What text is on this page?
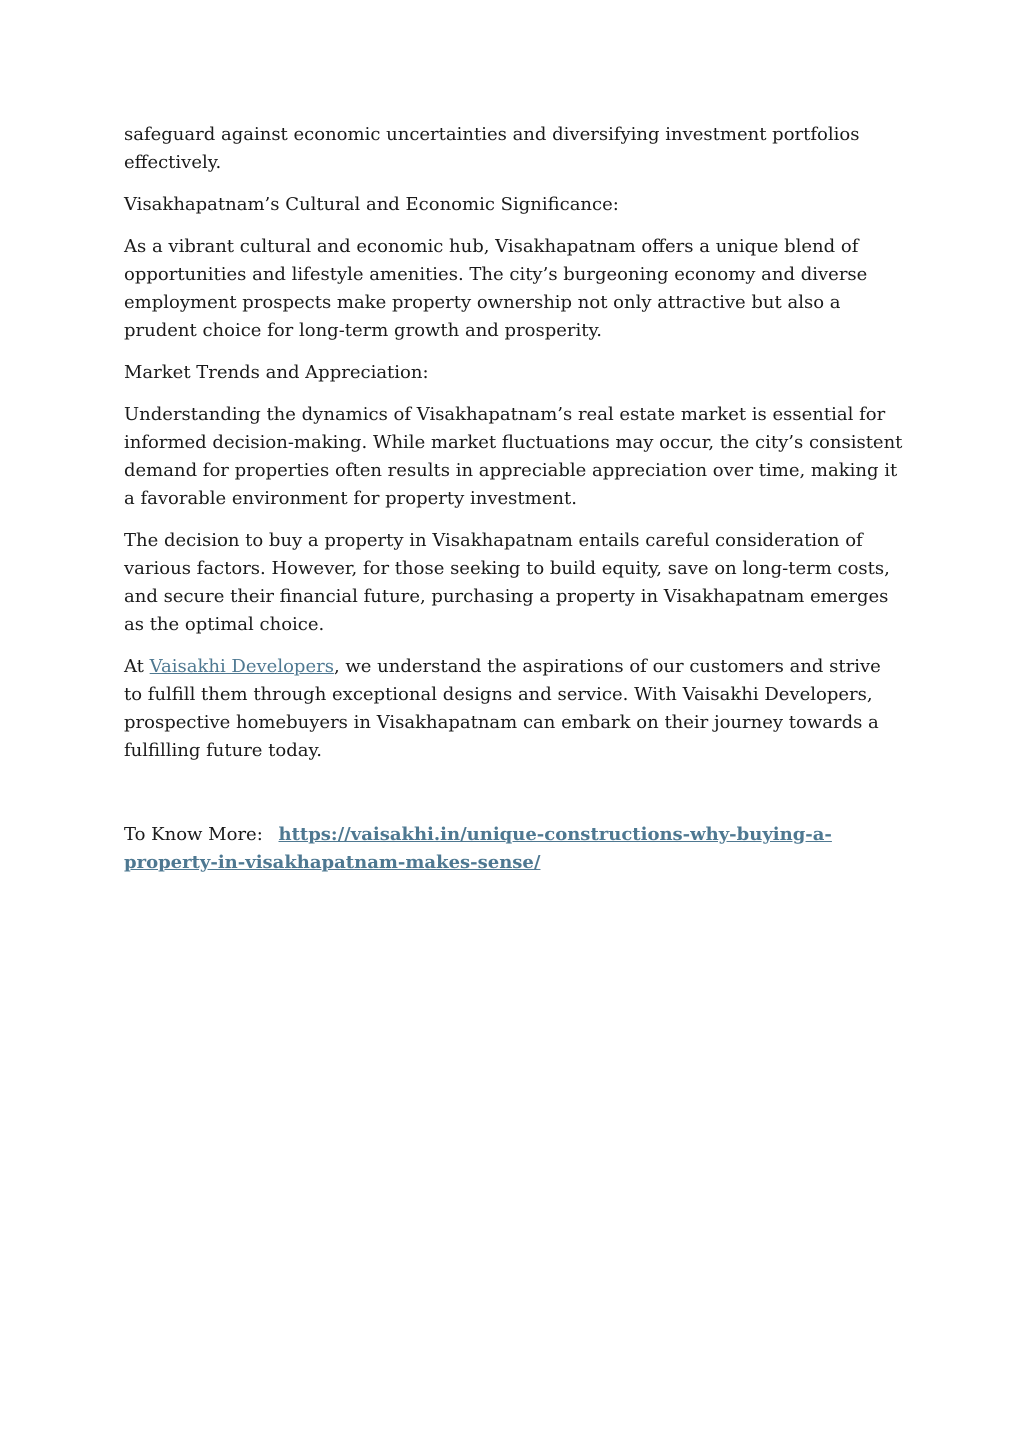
safeguard against economic uncertainties and diversifying investment portfolios effectively.

Visakhapatnam’s Cultural and Economic Significance:

As a vibrant cultural and economic hub, Visakhapatnam offers a unique blend of opportunities and lifestyle amenities. The city’s burgeoning economy and diverse employment prospects make property ownership not only attractive but also a prudent choice for long-term growth and prosperity.

Market Trends and Appreciation:

Understanding the dynamics of Visakhapatnam’s real estate market is essential for informed decision-making. While market fluctuations may occur, the city’s consistent demand for properties often results in appreciable appreciation over time, making it a favorable environment for property investment.

The decision to buy a property in Visakhapatnam entails careful consideration of various factors. However, for those seeking to build equity, save on long-term costs, and secure their financial future, purchasing a property in Visakhapatnam emerges as the optimal choice.

At Vaisakhi Developers, we understand the aspirations of our customers and strive to fulfill them through exceptional designs and service. With Vaisakhi Developers, prospective homebuyers in Visakhapatnam can embark on their journey towards a fulfilling future today.

To Know More: https://vaisakhi.in/unique-constructions-why-buying-a-property-in-visakhapatnam-makes-sense/
